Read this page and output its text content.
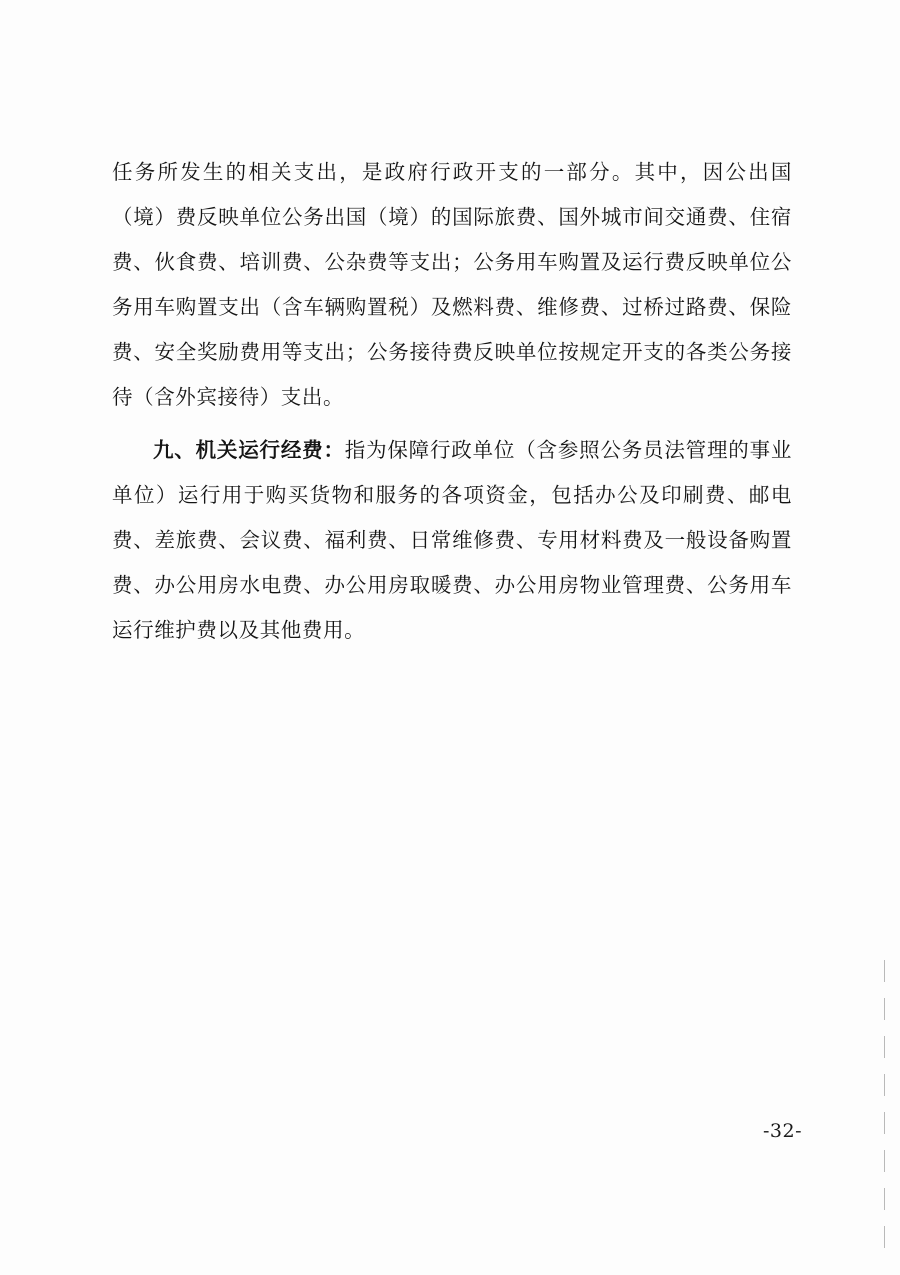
任务所发生的相关支出，是政府行政开支的一部分。其中，因公出国（境）费反映单位公务出国（境）的国际旅费、国外城市间交通费、住宿费、伙食费、培训费、公杂费等支出；公务用车购置及运行费反映单位公务用车购置支出（含车辆购置税）及燃料费、维修费、过桥过路费、保险费、安全奖励费用等支出；公务接待费反映单位按规定开支的各类公务接待（含外宾接待）支出。

九、机关运行经费：指为保障行政单位（含参照公务员法管理的事业单位）运行用于购买货物和服务的各项资金，包括办公及印刷费、邮电费、差旅费、会议费、福利费、日常维修费、专用材料费及一般设备购置费、办公用房水电费、办公用房取暖费、办公用房物业管理费、公务用车运行维护费以及其他费用。

-32-
